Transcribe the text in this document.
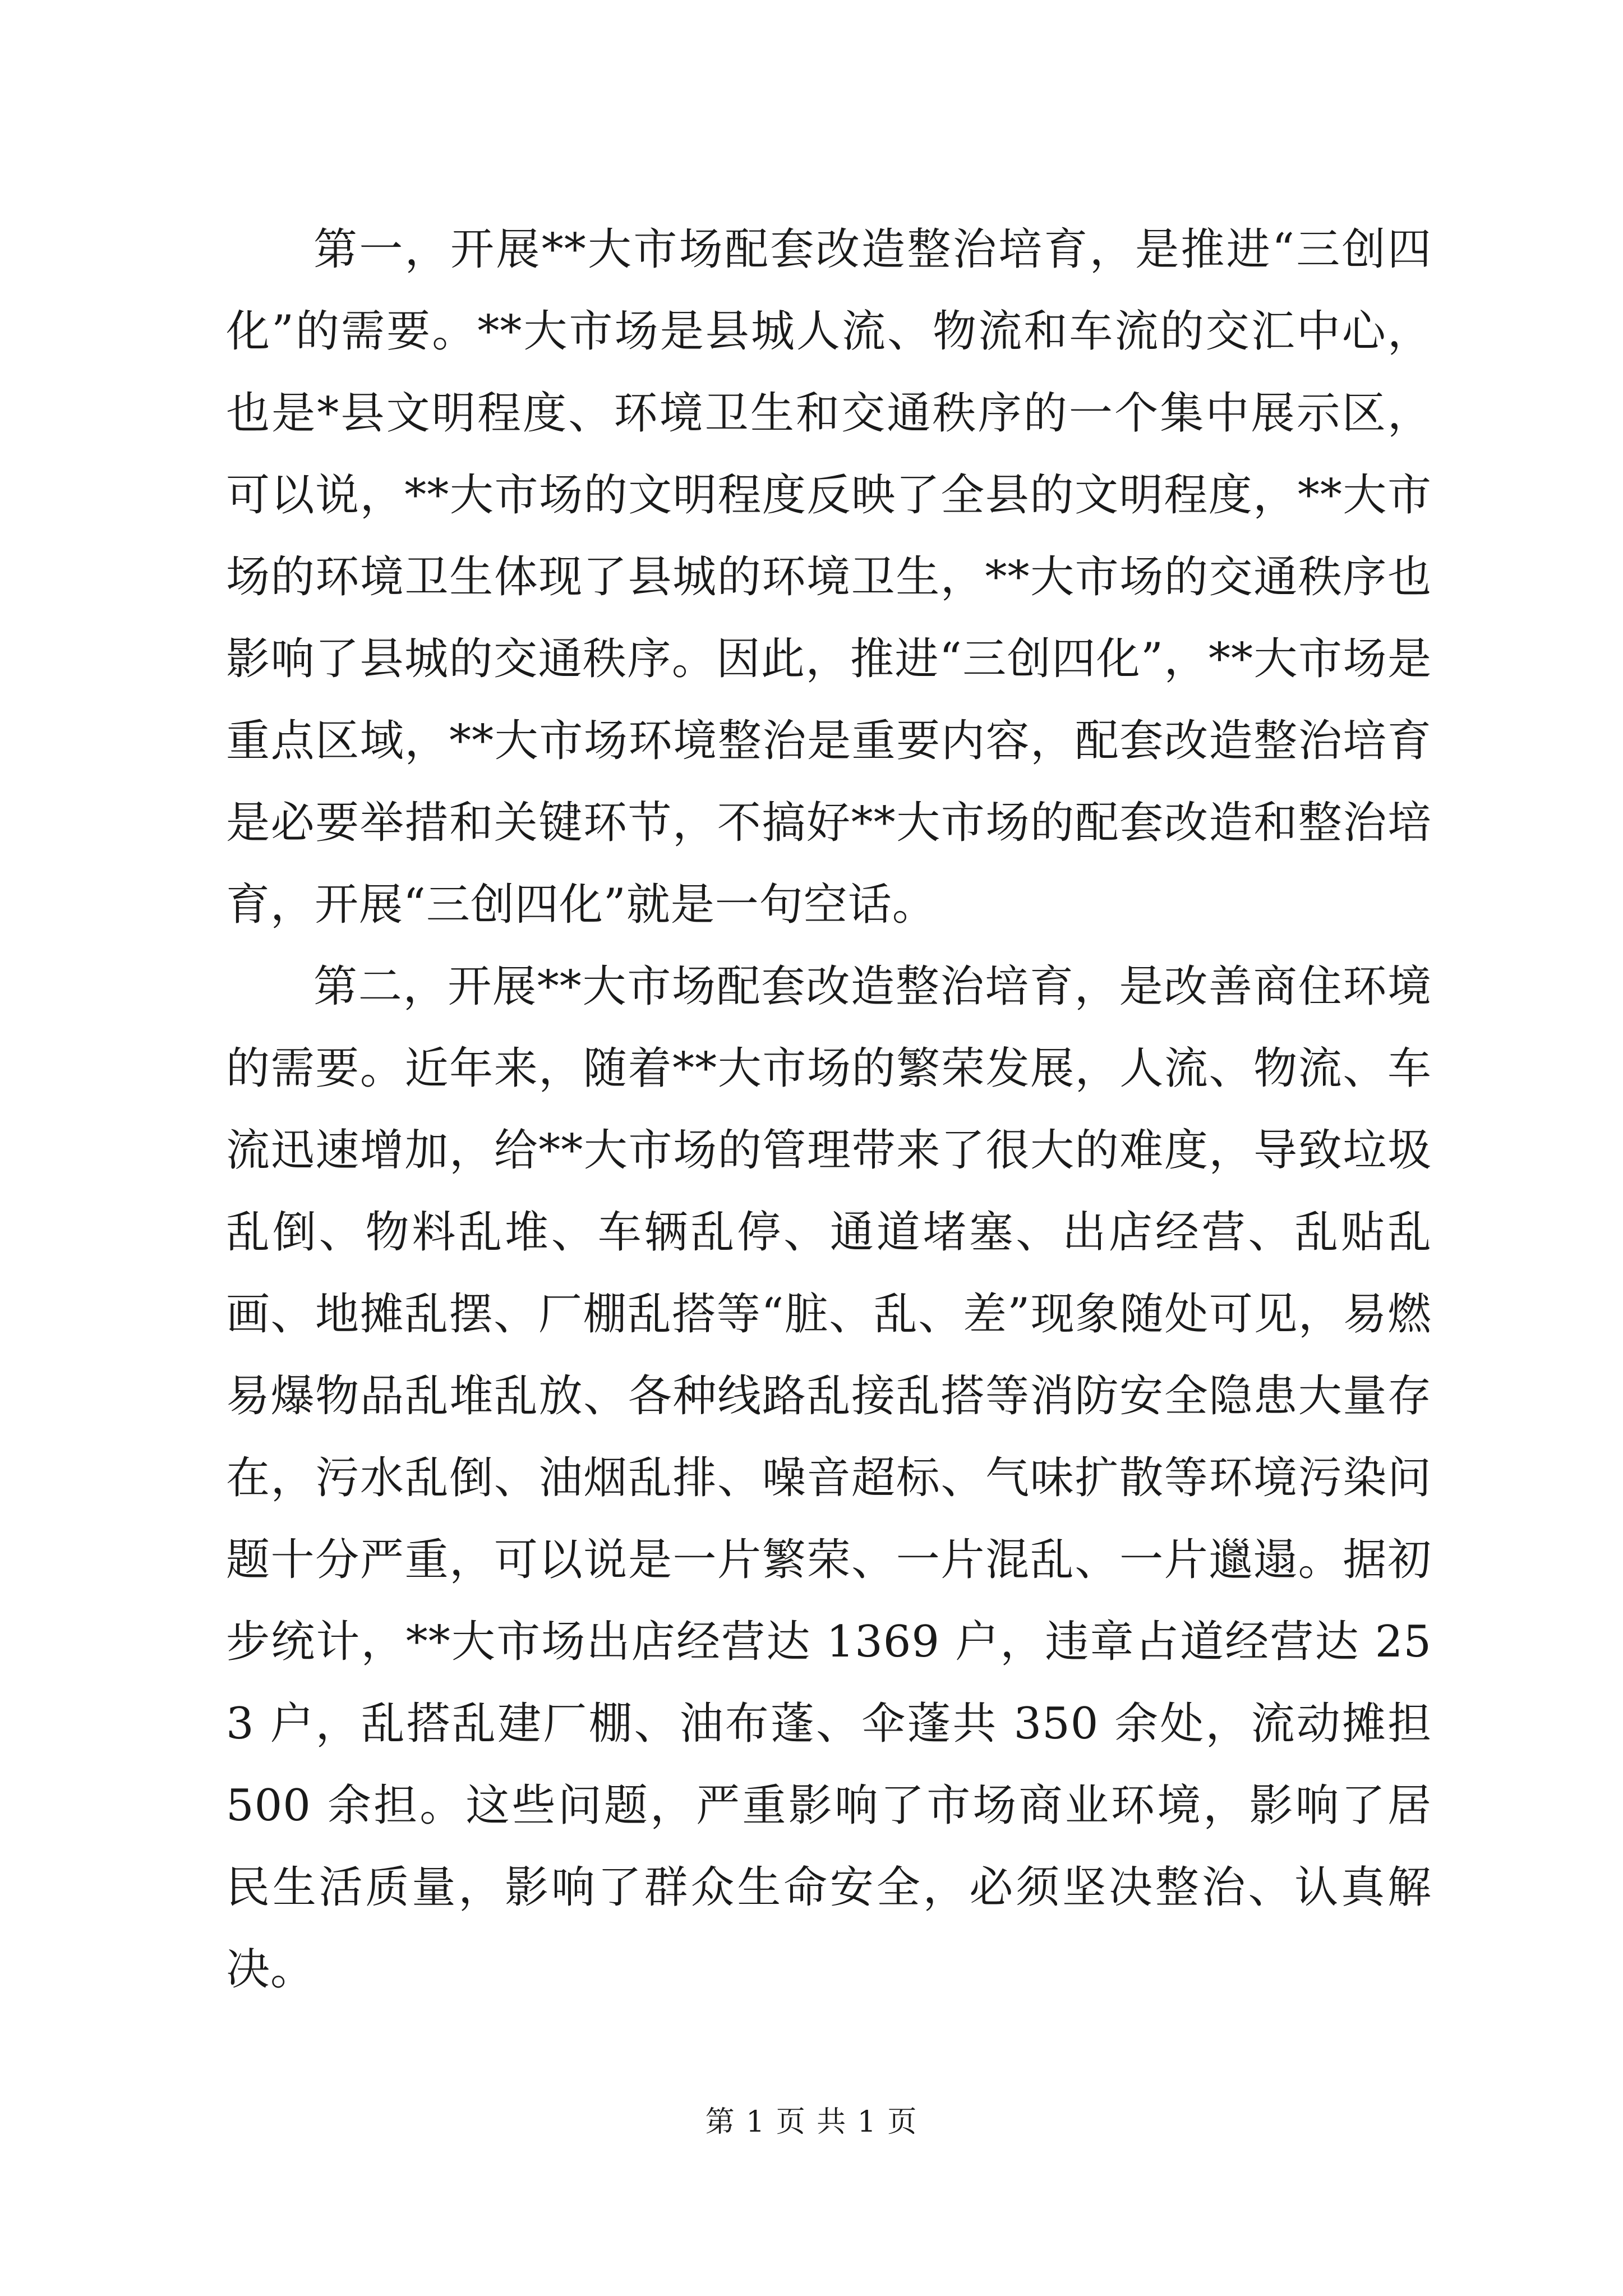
第一，开展**大市场配套改造整治培育，是推进“三创四化”的需要。**大市场是县城人流、物流和车流的交汇中心，也是*县文明程度、环境卫生和交通秩序的一个集中展示区，可以说，**大市场的文明程度反映了全县的文明程度，**大市场的环境卫生体现了县城的环境卫生，**大市场的交通秩序也影响了县城的交通秩序。因此，推进“三创四化”，**大市场是重点区域，**大市场环境整治是重要内容，配套改造整治培育是必要举措和关键环节，不搞好**大市场的配套改造和整治培育，开展“三创四化”就是一句空话。

第二，开展**大市场配套改造整治培育，是改善商住环境的需要。近年来，随着**大市场的繁荣发展，人流、物流、车流迅速增加，给**大市场的管理带来了很大的难度，导致垃圾乱倒、物料乱堆、车辆乱停、通道堵塞、出店经营、乱贴乱画、地摊乱摆、厂棚乱搭等“脏、乱、差”现象随处可见，易燃易爆物品乱堆乱放、各种线路乱接乱搭等消防安全隐患大量存在，污水乱倒、油烟乱排、噪音超标、气味扩散等环境污染问题十分严重，可以说是一片繁荣、一片混乱、一片邋遢。据初步统计，**大市场出店经营达 1369 户，违章占道经营达 253 户，乱搭乱建厂棚、油布蓬、伞蓬共 350 余处，流动摊担 500 余担。这些问题，严重影响了市场商业环境，影响了居民生活质量，影响了群众生命安全，必须坚决整治、认真解决。

第 1 页 共 1 页
